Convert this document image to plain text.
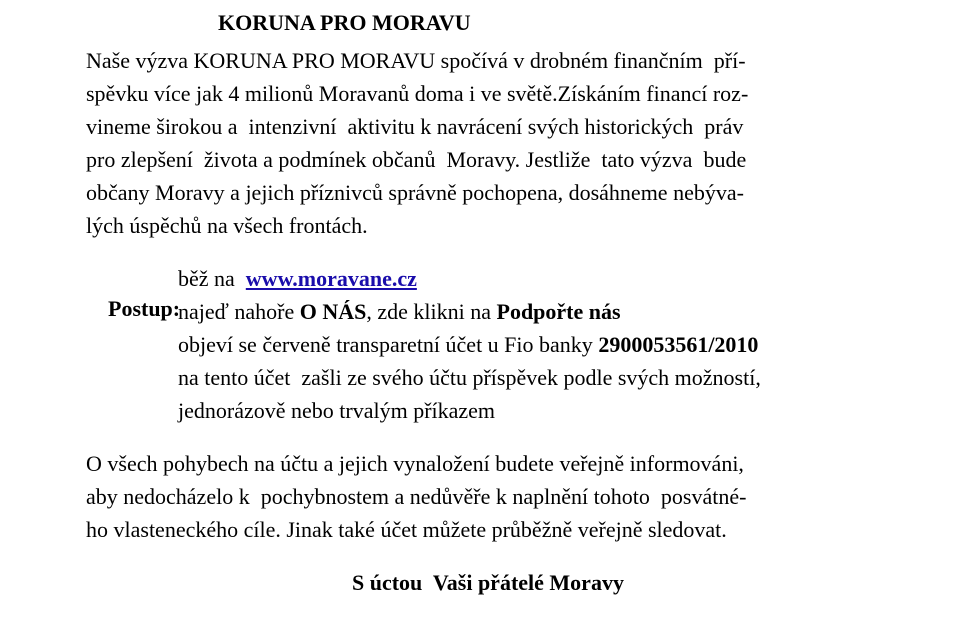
KORUNA PRO MORAVU
Naše výzva KORUNA PRO MORAVU spočívá v drobném finančním  pří-
spěvku více jak 4 milionů Moravanů doma i ve světě.Získáním financí roz-
vineme širokou a  intenzivní  aktivitu k navrácení svých historických  práv
pro zlepšení  života a podmínek občanů  Moravy. Jestliže  tato výzva  bude
občany Moravy a jejich příznivců správně pochopena, dosáhneme nebýva-
lých úspěchů na všech frontách.

Postup:

běž na  www.moravane.cz
najeď nahoře O NÁS, zde klikni na Podpořte nás
objeví se červeně transparetní účet u Fio banky 2900053561/2010
na tento účet  zašli ze svého účtu příspěvek podle svých možností,
jednorázově nebo trvalým příkazem
O všech pohybech na účtu a jejich vynaložení budete veřejně informováni,
aby nedocházelo k  pochybnostem a nedůvěře k naplnění tohoto  posvátné-
ho vlasteneckého cíle. Jinak také účet můžete průběžně veřejně sledovat.
S úctou  Vaši přátelé Moravy
